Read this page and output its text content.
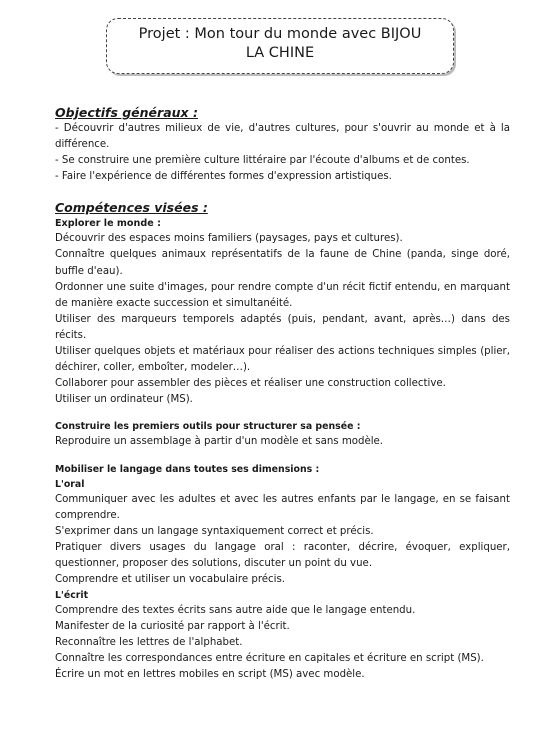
Projet : Mon tour du monde avec BIJOU
LA CHINE
Objectifs généraux :

- Découvrir d'autres milieux de vie, d'autres cultures, pour s'ouvrir au monde et à la différence.

- Se construire une première culture littéraire par l'écoute d'albums et de contes.

- Faire l'expérience de différentes formes d'expression artistiques.

Compétences visées :
Explorer le monde :

Découvrir des espaces moins familiers (paysages, pays et cultures).

Connaître quelques animaux représentatifs de la faune de Chine (panda, singe doré, buffle d'eau).

Ordonner une suite d'images, pour rendre compte d'un récit fictif entendu, en marquant de manière exacte succession et simultanéité.

Utiliser des marqueurs temporels adaptés (puis, pendant, avant, après…) dans des récits.

Utiliser quelques objets et matériaux pour réaliser des actions techniques simples (plier, déchirer, coller, emboîter, modeler…).

Collaborer pour assembler des pièces et réaliser une construction collective.

Utiliser un ordinateur (MS).

Construire les premiers outils pour structurer sa pensée :

Reproduire un assemblage à partir d'un modèle et sans modèle.

Mobiliser le langage dans toutes ses dimensions :
L'oral

Communiquer avec les adultes et avec les autres enfants par le langage, en se faisant comprendre.

S'exprimer dans un langage syntaxiquement correct et précis.

Pratiquer divers usages du langage oral : raconter, décrire, évoquer, expliquer, questionner, proposer des solutions, discuter un point du vue.

Comprendre et utiliser un vocabulaire précis.

L'écrit

Comprendre des textes écrits sans autre aide que le langage entendu.

Manifester de la curiosité par rapport à l'écrit.

Reconnaître les lettres de l'alphabet.

Connaître les correspondances entre écriture en capitales et écriture en script (MS).

Écrire un mot en lettres mobiles en script (MS) avec modèle.
